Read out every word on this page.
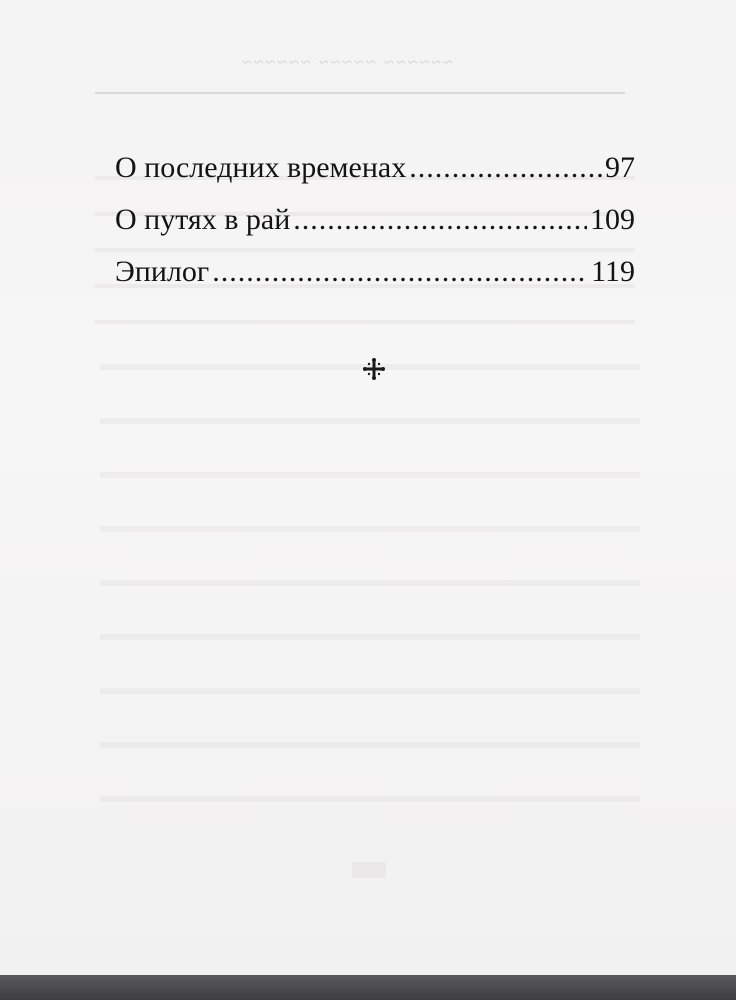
~~~~~~ ~~~~~ ~~~~~~
О последних временах .....	97
О путях в рай .....	109
Эпилог .....	119
